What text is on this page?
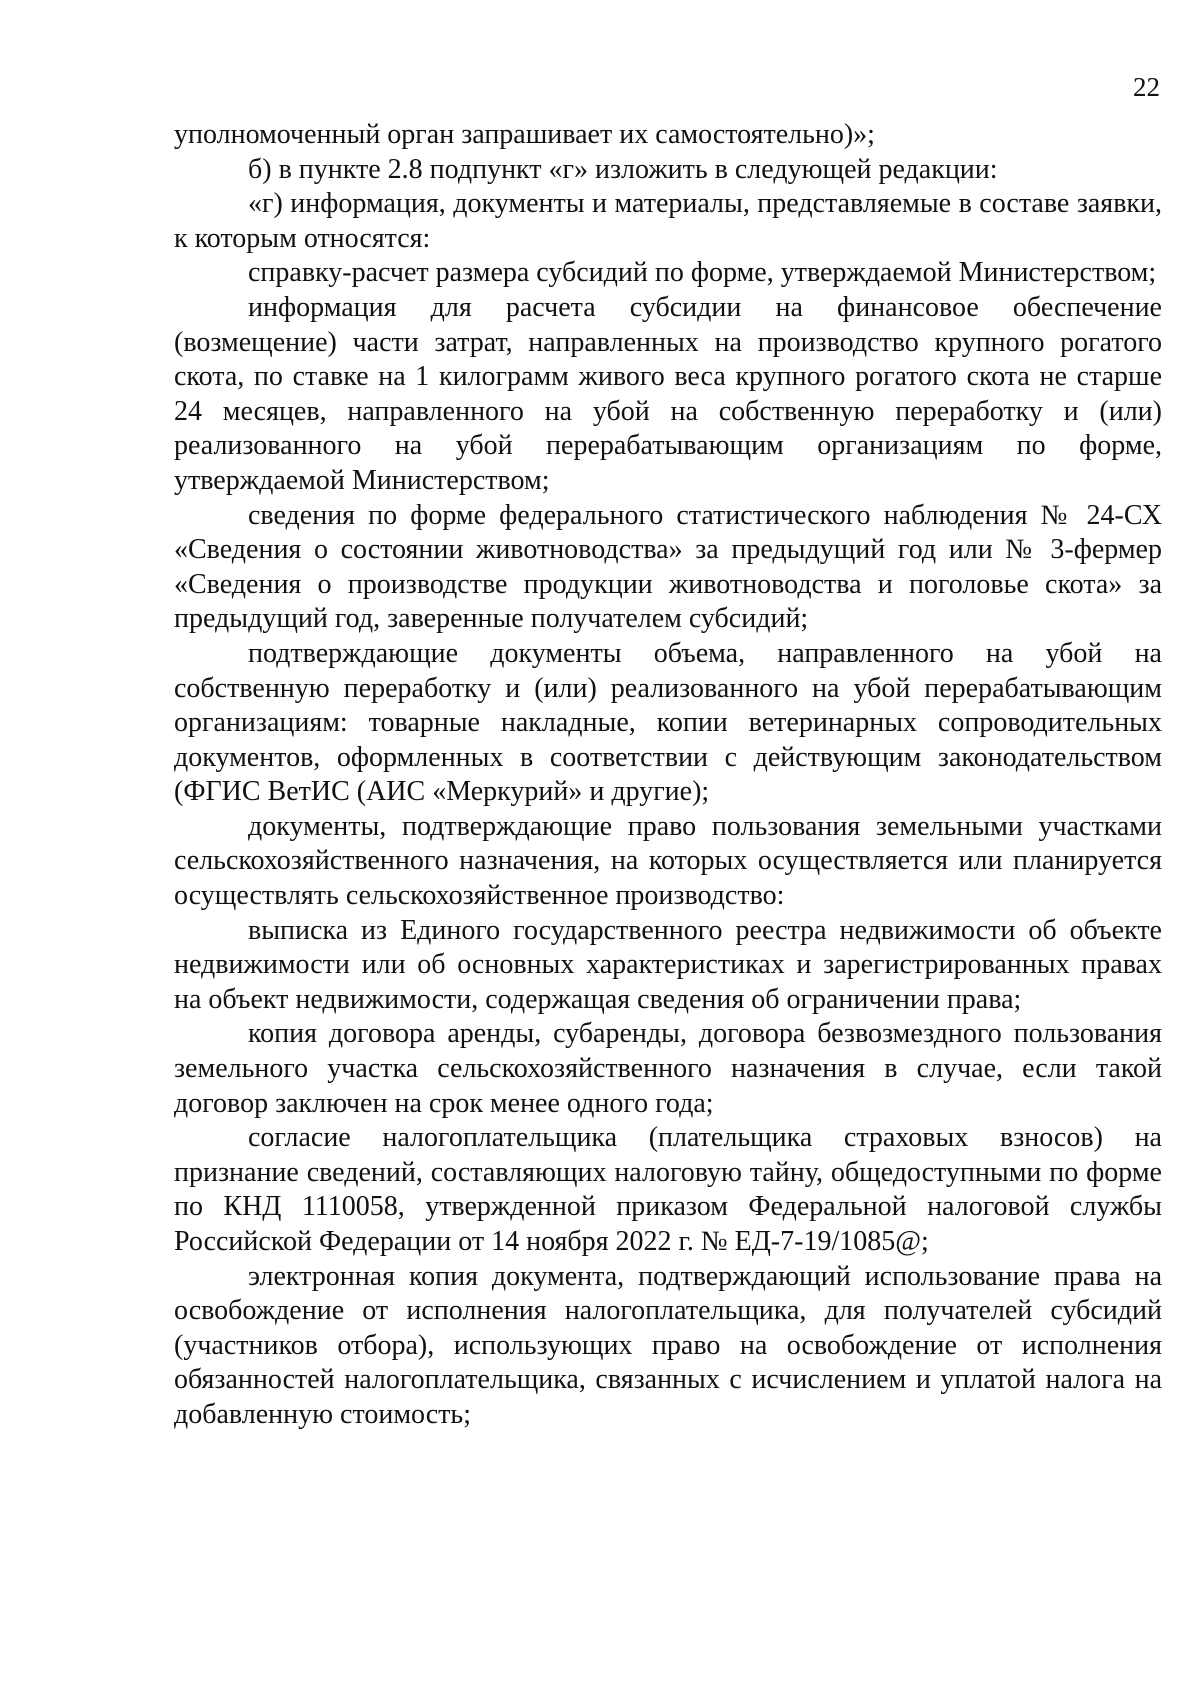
22

уполномоченный орган запрашивает их самостоятельно)»;

б) в пункте 2.8 подпункт «г» изложить в следующей редакции:

«г) информация, документы и материалы, представляемые в составе заявки, к которым относятся:

справку-расчет размера субсидий по форме, утверждаемой Министерством;

информация для расчета субсидии на финансовое обеспечение (возмещение) части затрат, направленных на производство крупного рогатого скота, по ставке на 1 килограмм живого веса крупного рогатого скота не старше 24 месяцев, направленного на убой на собственную переработку и (или) реализованного на убой перерабатывающим организациям по форме, утверждаемой Министерством;

сведения по форме федерального статистического наблюдения № 24-СХ «Сведения о состоянии животноводства» за предыдущий год или № 3-фермер «Сведения о производстве продукции животноводства и поголовье скота» за предыдущий год, заверенные получателем субсидий;

подтверждающие документы объема, направленного на убой на собственную переработку и (или) реализованного на убой перерабатывающим организациям: товарные накладные, копии ветеринарных сопроводительных документов, оформленных в соответствии с действующим законодательством (ФГИС ВетИС (АИС «Меркурий» и другие);

документы, подтверждающие право пользования земельными участками сельскохозяйственного назначения, на которых осуществляется или планируется осуществлять сельскохозяйственное производство:

выписка из Единого государственного реестра недвижимости об объекте недвижимости или об основных характеристиках и зарегистрированных правах на объект недвижимости, содержащая сведения об ограничении права;

копия договора аренды, субаренды, договора безвозмездного пользования земельного участка сельскохозяйственного назначения в случае, если такой договор заключен на срок менее одного года;

согласие налогоплательщика (плательщика страховых взносов) на признание сведений, составляющих налоговую тайну, общедоступными по форме по КНД 1110058, утвержденной приказом Федеральной налоговой службы Российской Федерации от 14 ноября 2022 г. № ЕД-7-19/1085@;

электронная копия документа, подтверждающий использование права на освобождение от исполнения налогоплательщика, для получателей субсидий (участников отбора), использующих право на освобождение от исполнения обязанностей налогоплательщика, связанных с исчислением и уплатой налога на добавленную стоимость;
